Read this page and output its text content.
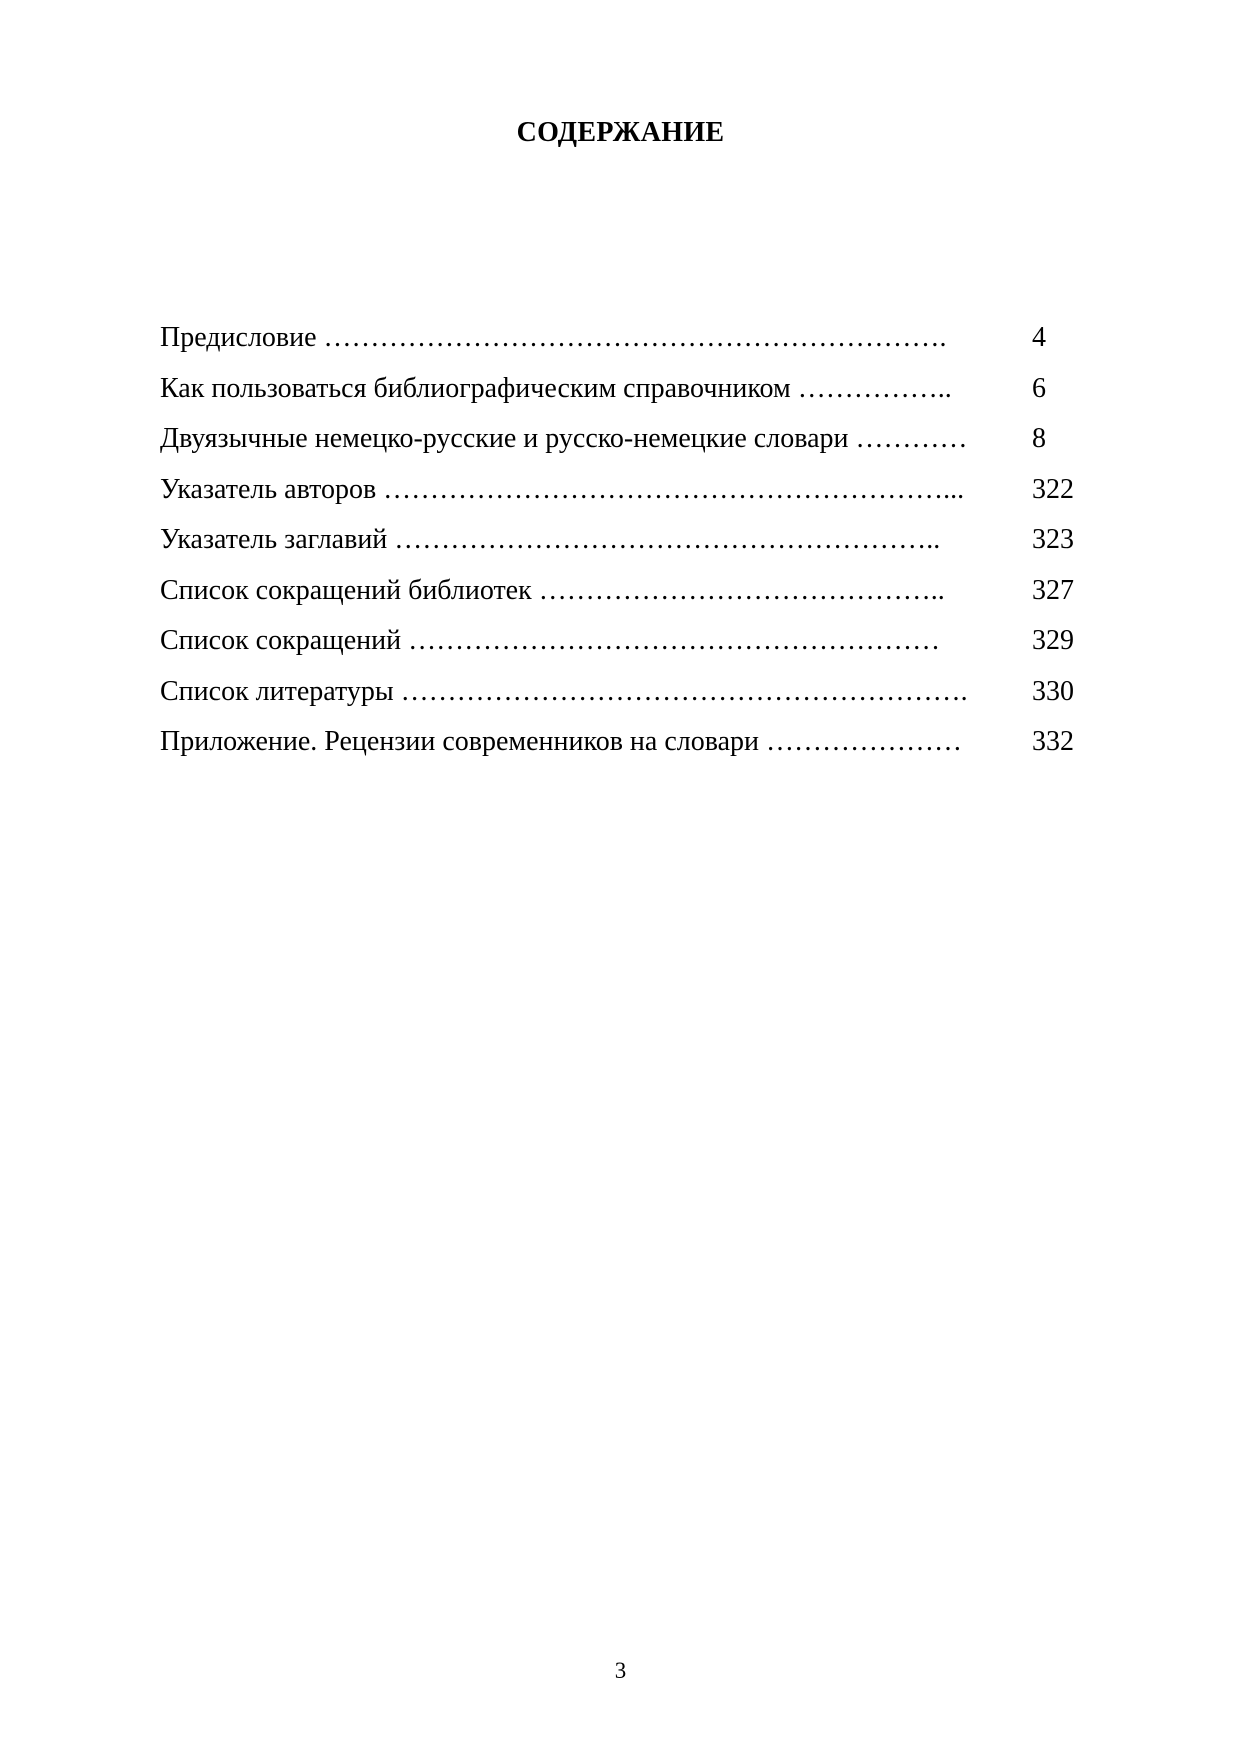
СОДЕРЖАНИЕ
Предисловие ………………………………………………………….	4
Как пользоваться библиографическим справочником ……………..	6
Двуязычные немецко-русские и русско-немецкие словари ………… 8
Указатель авторов ……………………………………………………... 322
Указатель заглавий …………………………………………………..	323
Список сокращений библиотек ……………………………………..	327
Список сокращений …………………………………………………	329
Список литературы ……………………………………………………. 330
Приложение. Рецензии современников на словари …………………	332
3
